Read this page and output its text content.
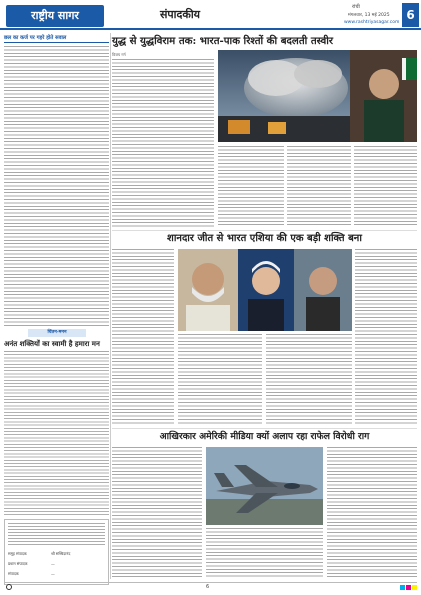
राष्ट्रीय सागर	संपादकीय
रांची
मंगलवार, 13 मई 2025
www.rashtriyasagar.com
6
छल का कर्ज पर गहरे होते सवाल
चिंतन-मनन
अनंत शक्तियों का स्वामी है हमारा मन
समूह संपादक	श्री सच्चिदानंद
प्रधान संपादक	—
संपादक	—
युद्ध से युद्धविराम तक: भारत-पाक रिश्तों की बदलती तस्वीर
विजय गर्ग
शानदार जीत से भारत एशिया की एक बड़ी शक्ति बना
आखिरकार अमेरिकी मीडिया क्यों अलाप रहा राफेल विरोधी राग
6
